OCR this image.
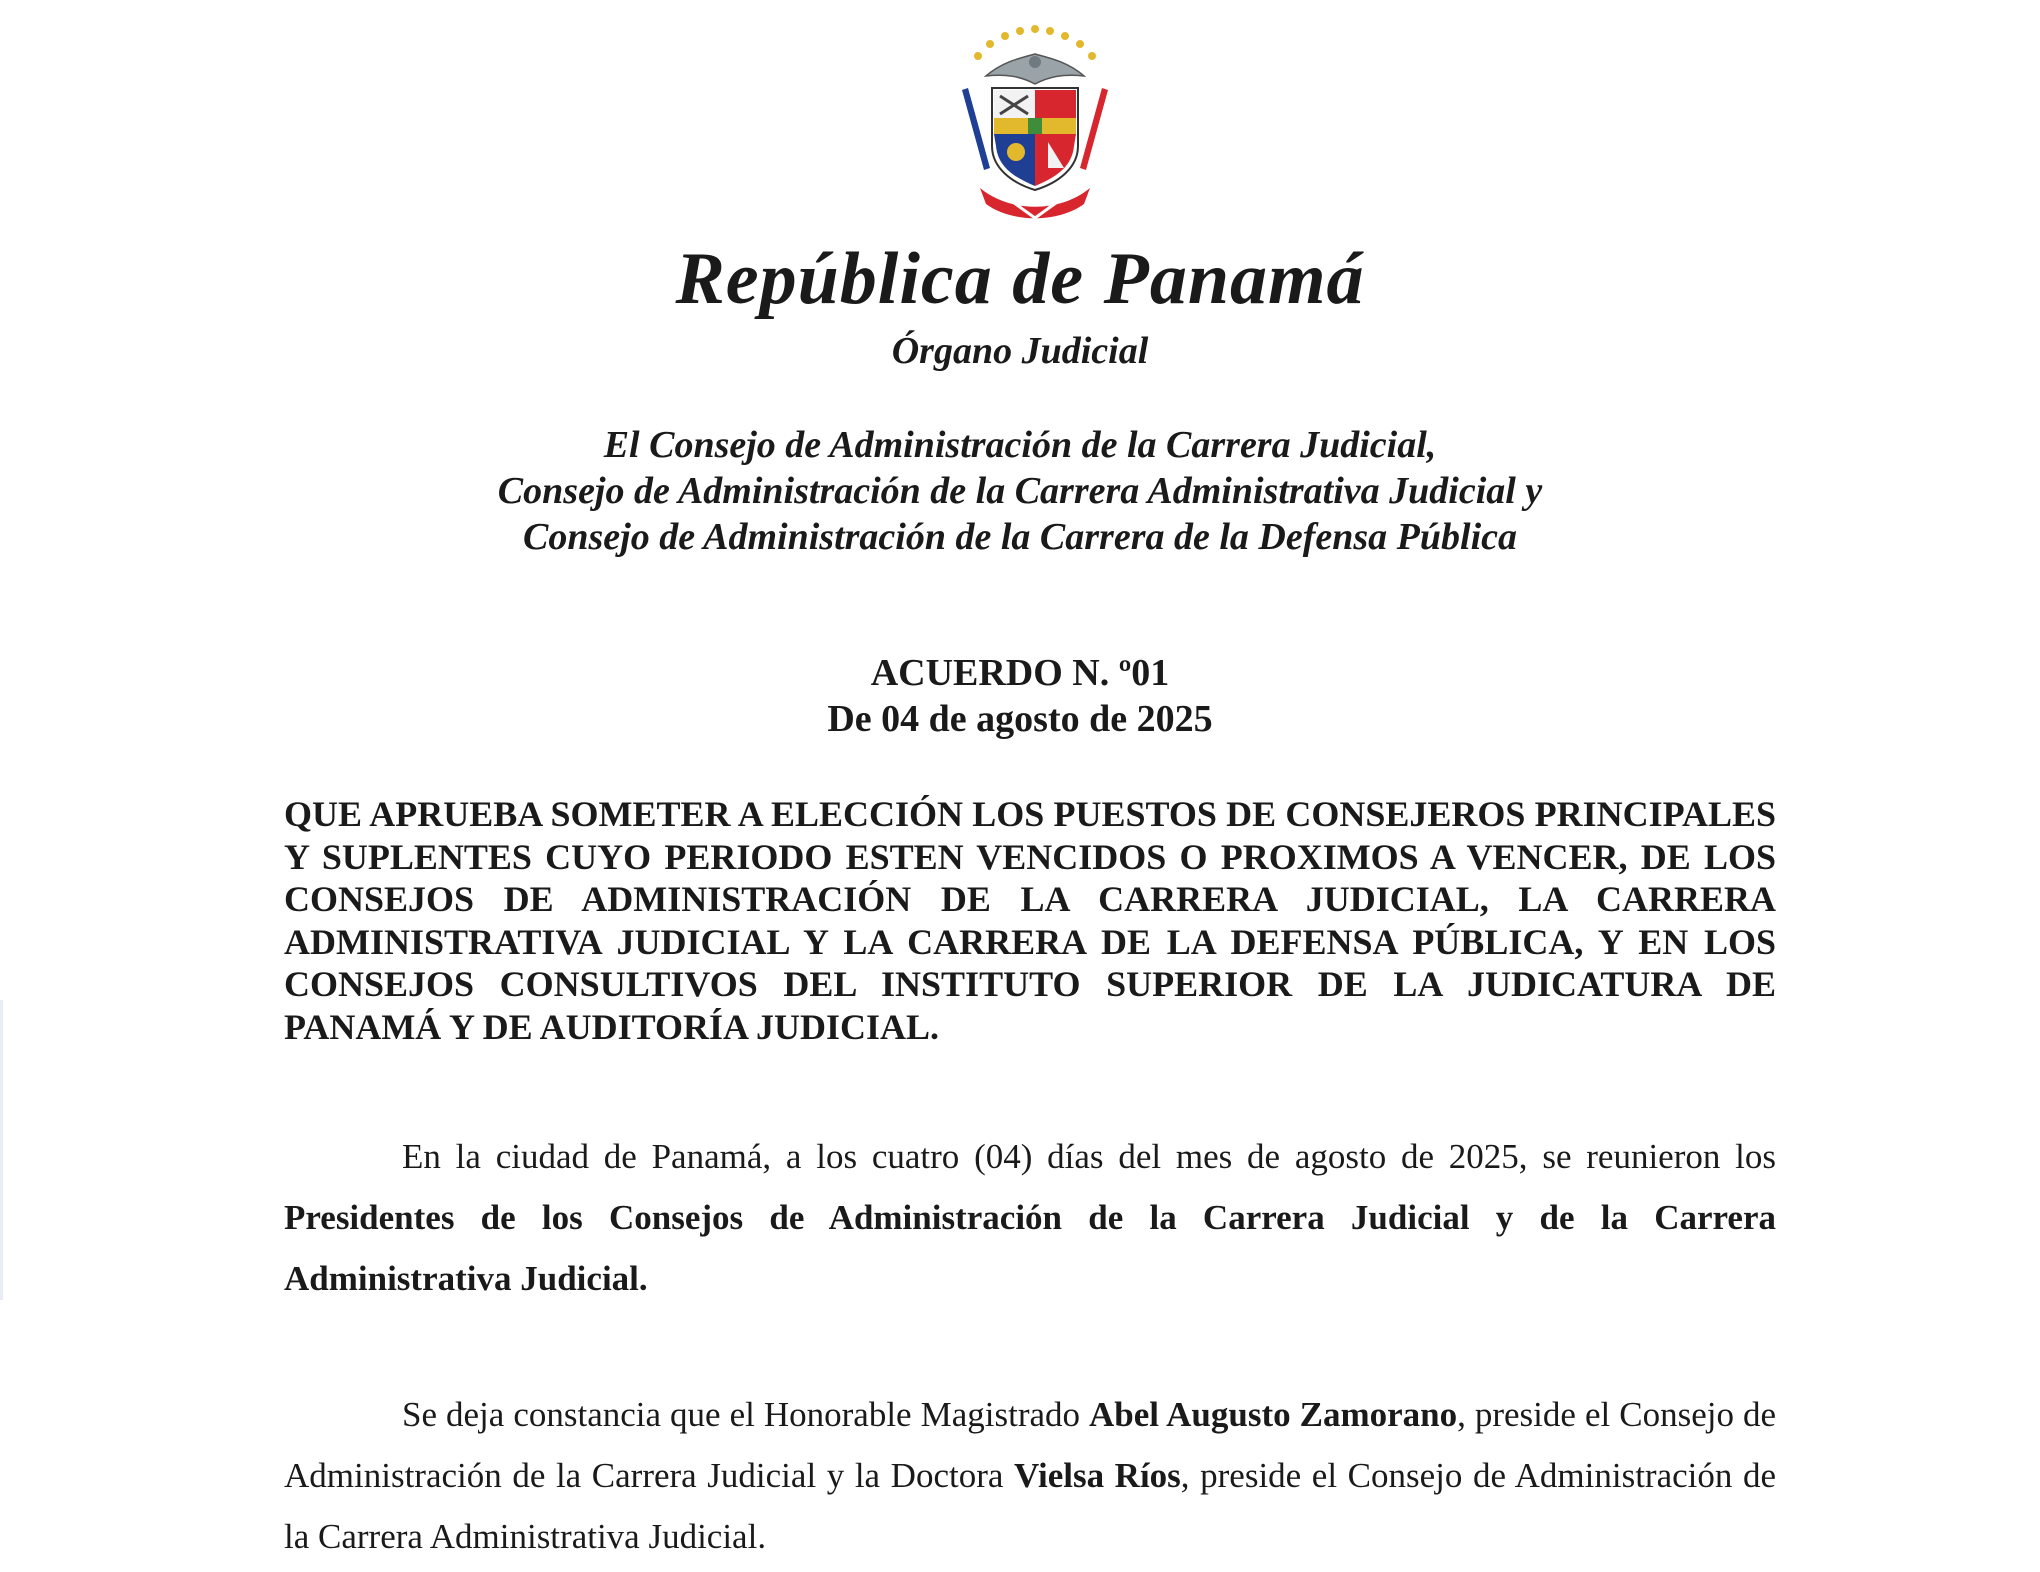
República de Panamá
Órgano Judicial
El Consejo de Administración de la Carrera Judicial,
Consejo de Administración de la Carrera Administrativa Judicial y
Consejo de Administración de la Carrera de la Defensa Pública
ACUERDO N. º01
De 04 de agosto de 2025
QUE APRUEBA SOMETER A ELECCIÓN LOS PUESTOS DE CONSEJEROS PRINCIPALES Y SUPLENTES CUYO PERIODO ESTEN VENCIDOS O PROXIMOS A VENCER, DE LOS CONSEJOS DE ADMINISTRACIÓN DE LA CARRERA JUDICIAL, LA CARRERA ADMINISTRATIVA JUDICIAL Y LA CARRERA DE LA DEFENSA PÚBLICA, Y EN LOS CONSEJOS CONSULTIVOS DEL INSTITUTO SUPERIOR DE LA JUDICATURA DE PANAMÁ Y DE AUDITORÍA JUDICIAL.
En la ciudad de Panamá, a los cuatro (04) días del mes de agosto de 2025, se reunieron los Presidentes de los Consejos de Administración de la Carrera Judicial y de la Carrera Administrativa Judicial.
Se deja constancia que el Honorable Magistrado Abel Augusto Zamorano, preside el Consejo de Administración de la Carrera Judicial y la Doctora Vielsa Ríos, preside el Consejo de Administración de la Carrera Administrativa Judicial.
